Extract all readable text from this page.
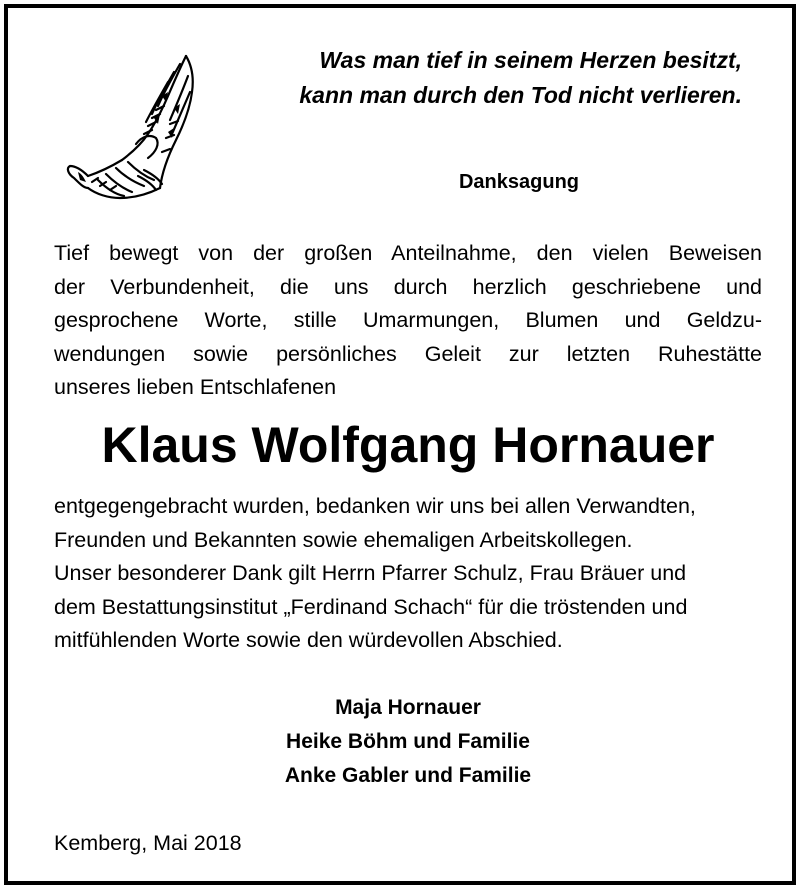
Was man tief in seinem Herzen besitzt,
kann man durch den Tod nicht verlieren.
Danksagung
Tief bewegt von der großen Anteilnahme, den vielen Beweisen
der Verbundenheit, die uns durch herzlich geschriebene und
gesprochene Worte, stille Umarmungen, Blumen und Geldzu-
wendungen sowie persönliches Geleit zur letzten Ruhestätte
unseres lieben Entschlafenen
Klaus Wolfgang Hornauer
entgegengebracht wurden, bedanken wir uns bei allen Verwandten,
Freunden und Bekannten sowie ehemaligen Arbeitskollegen.
Unser besonderer Dank gilt Herrn Pfarrer Schulz, Frau Bräuer und
dem Bestattungsinstitut „Ferdinand Schach“ für die tröstenden und
mitfühlenden Worte sowie den würdevollen Abschied.
Maja Hornauer
Heike Böhm und Familie
Anke Gabler und Familie
Kemberg, Mai 2018
